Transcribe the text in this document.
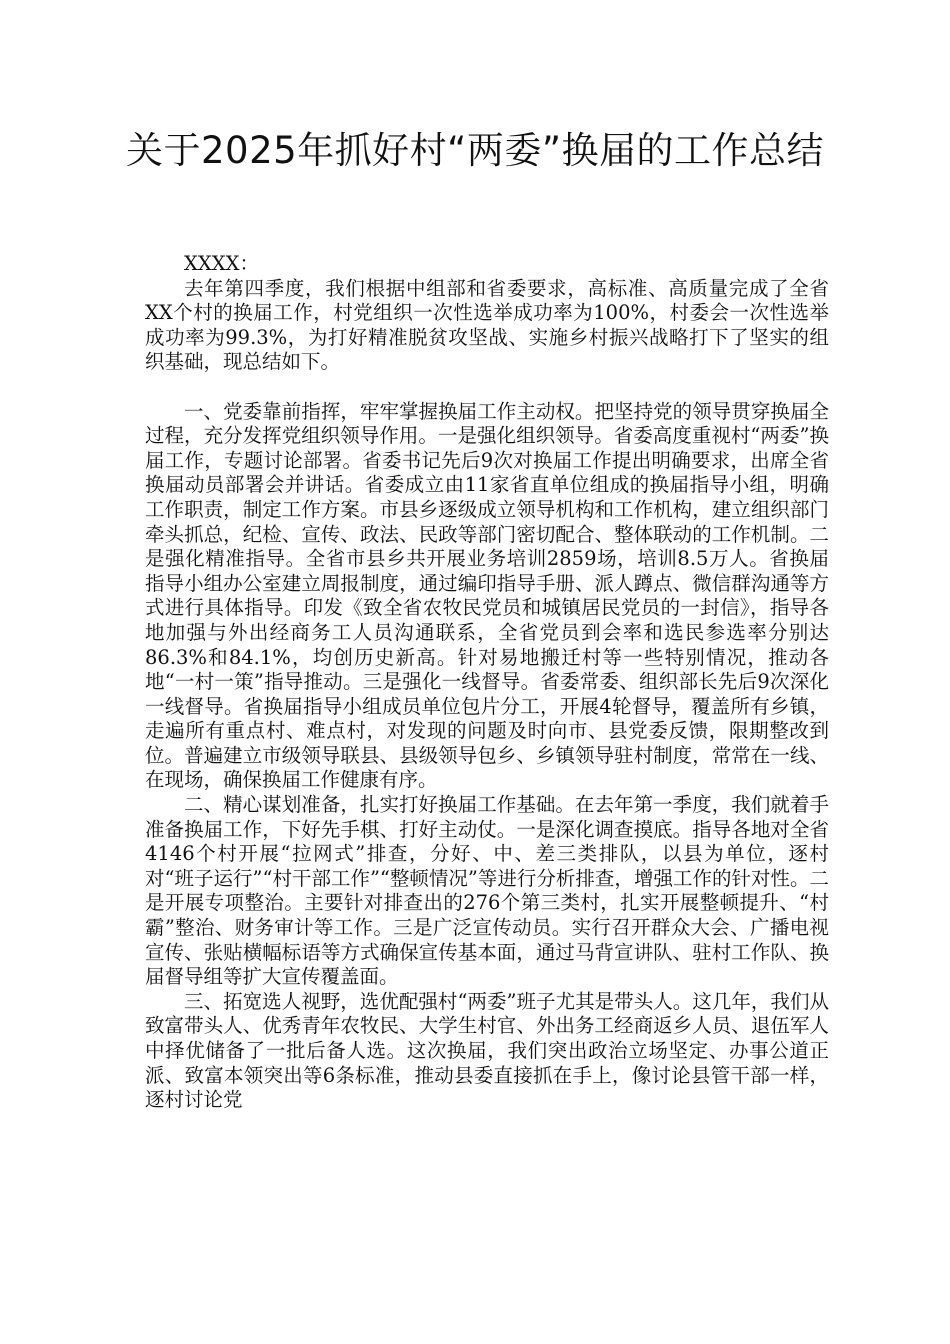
关于2025年抓好村“两委”换届的工作总结

XXXX：

去年第四季度，我们根据中组部和省委要求，高标准、高质量完成了全省XX个村的换届工作，村党组织一次性选举成功率为100%，村委会一次性选举成功率为99.3%，为打好精准脱贫攻坚战、实施乡村振兴战略打下了坚实的组织基础，现总结如下。

一、党委靠前指挥，牢牢掌握换届工作主动权。把坚持党的领导贯穿换届全过程，充分发挥党组织领导作用。一是强化组织领导。省委高度重视村“两委”换届工作，专题讨论部署。省委书记先后9次对换届工作提出明确要求，出席全省换届动员部署会并讲话。省委成立由11家省直单位组成的换届指导小组，明确工作职责，制定工作方案。市县乡逐级成立领导机构和工作机构，建立组织部门牵头抓总，纪检、宣传、政法、民政等部门密切配合、整体联动的工作机制。二是强化精准指导。全省市县乡共开展业务培训2859场，培训8.5万人。省换届指导小组办公室建立周报制度，通过编印指导手册、派人蹲点、微信群沟通等方式进行具体指导。印发《致全省农牧民党员和城镇居民党员的一封信》，指导各地加强与外出经商务工人员沟通联系，全省党员到会率和选民参选率分别达86.3%和84.1%，均创历史新高。针对易地搬迁村等一些特别情况，推动各地“一村一策”指导推动。三是强化一线督导。省委常委、组织部长先后9次深化一线督导。省换届指导小组成员单位包片分工，开展4轮督导，覆盖所有乡镇，走遍所有重点村、难点村，对发现的问题及时向市、县党委反馈，限期整改到位。普遍建立市级领导联县、县级领导包乡、乡镇领导驻村制度，常常在一线、在现场，确保换届工作健康有序。

二、精心谋划准备，扎实打好换届工作基础。在去年第一季度，我们就着手准备换届工作，下好先手棋、打好主动仗。一是深化调查摸底。指导各地对全省4146个村开展“拉网式”排查，分好、中、差三类排队，以县为单位，逐村对“班子运行”“村干部工作”“整顿情况”等进行分析排查，增强工作的针对性。二是开展专项整治。主要针对排查出的276个第三类村，扎实开展整顿提升、“村霸”整治、财务审计等工作。三是广泛宣传动员。实行召开群众大会、广播电视宣传、张贴横幅标语等方式确保宣传基本面，通过马背宣讲队、驻村工作队、换届督导组等扩大宣传覆盖面。

三、拓宽选人视野，选优配强村“两委”班子尤其是带头人。这几年，我们从致富带头人、优秀青年农牧民、大学生村官、外出务工经商返乡人员、退伍军人中择优储备了一批后备人选。这次换届，我们突出政治立场坚定、办事公道正派、致富本领突出等6条标准，推动县委直接抓在手上，像讨论县管干部一样，逐村讨论党
